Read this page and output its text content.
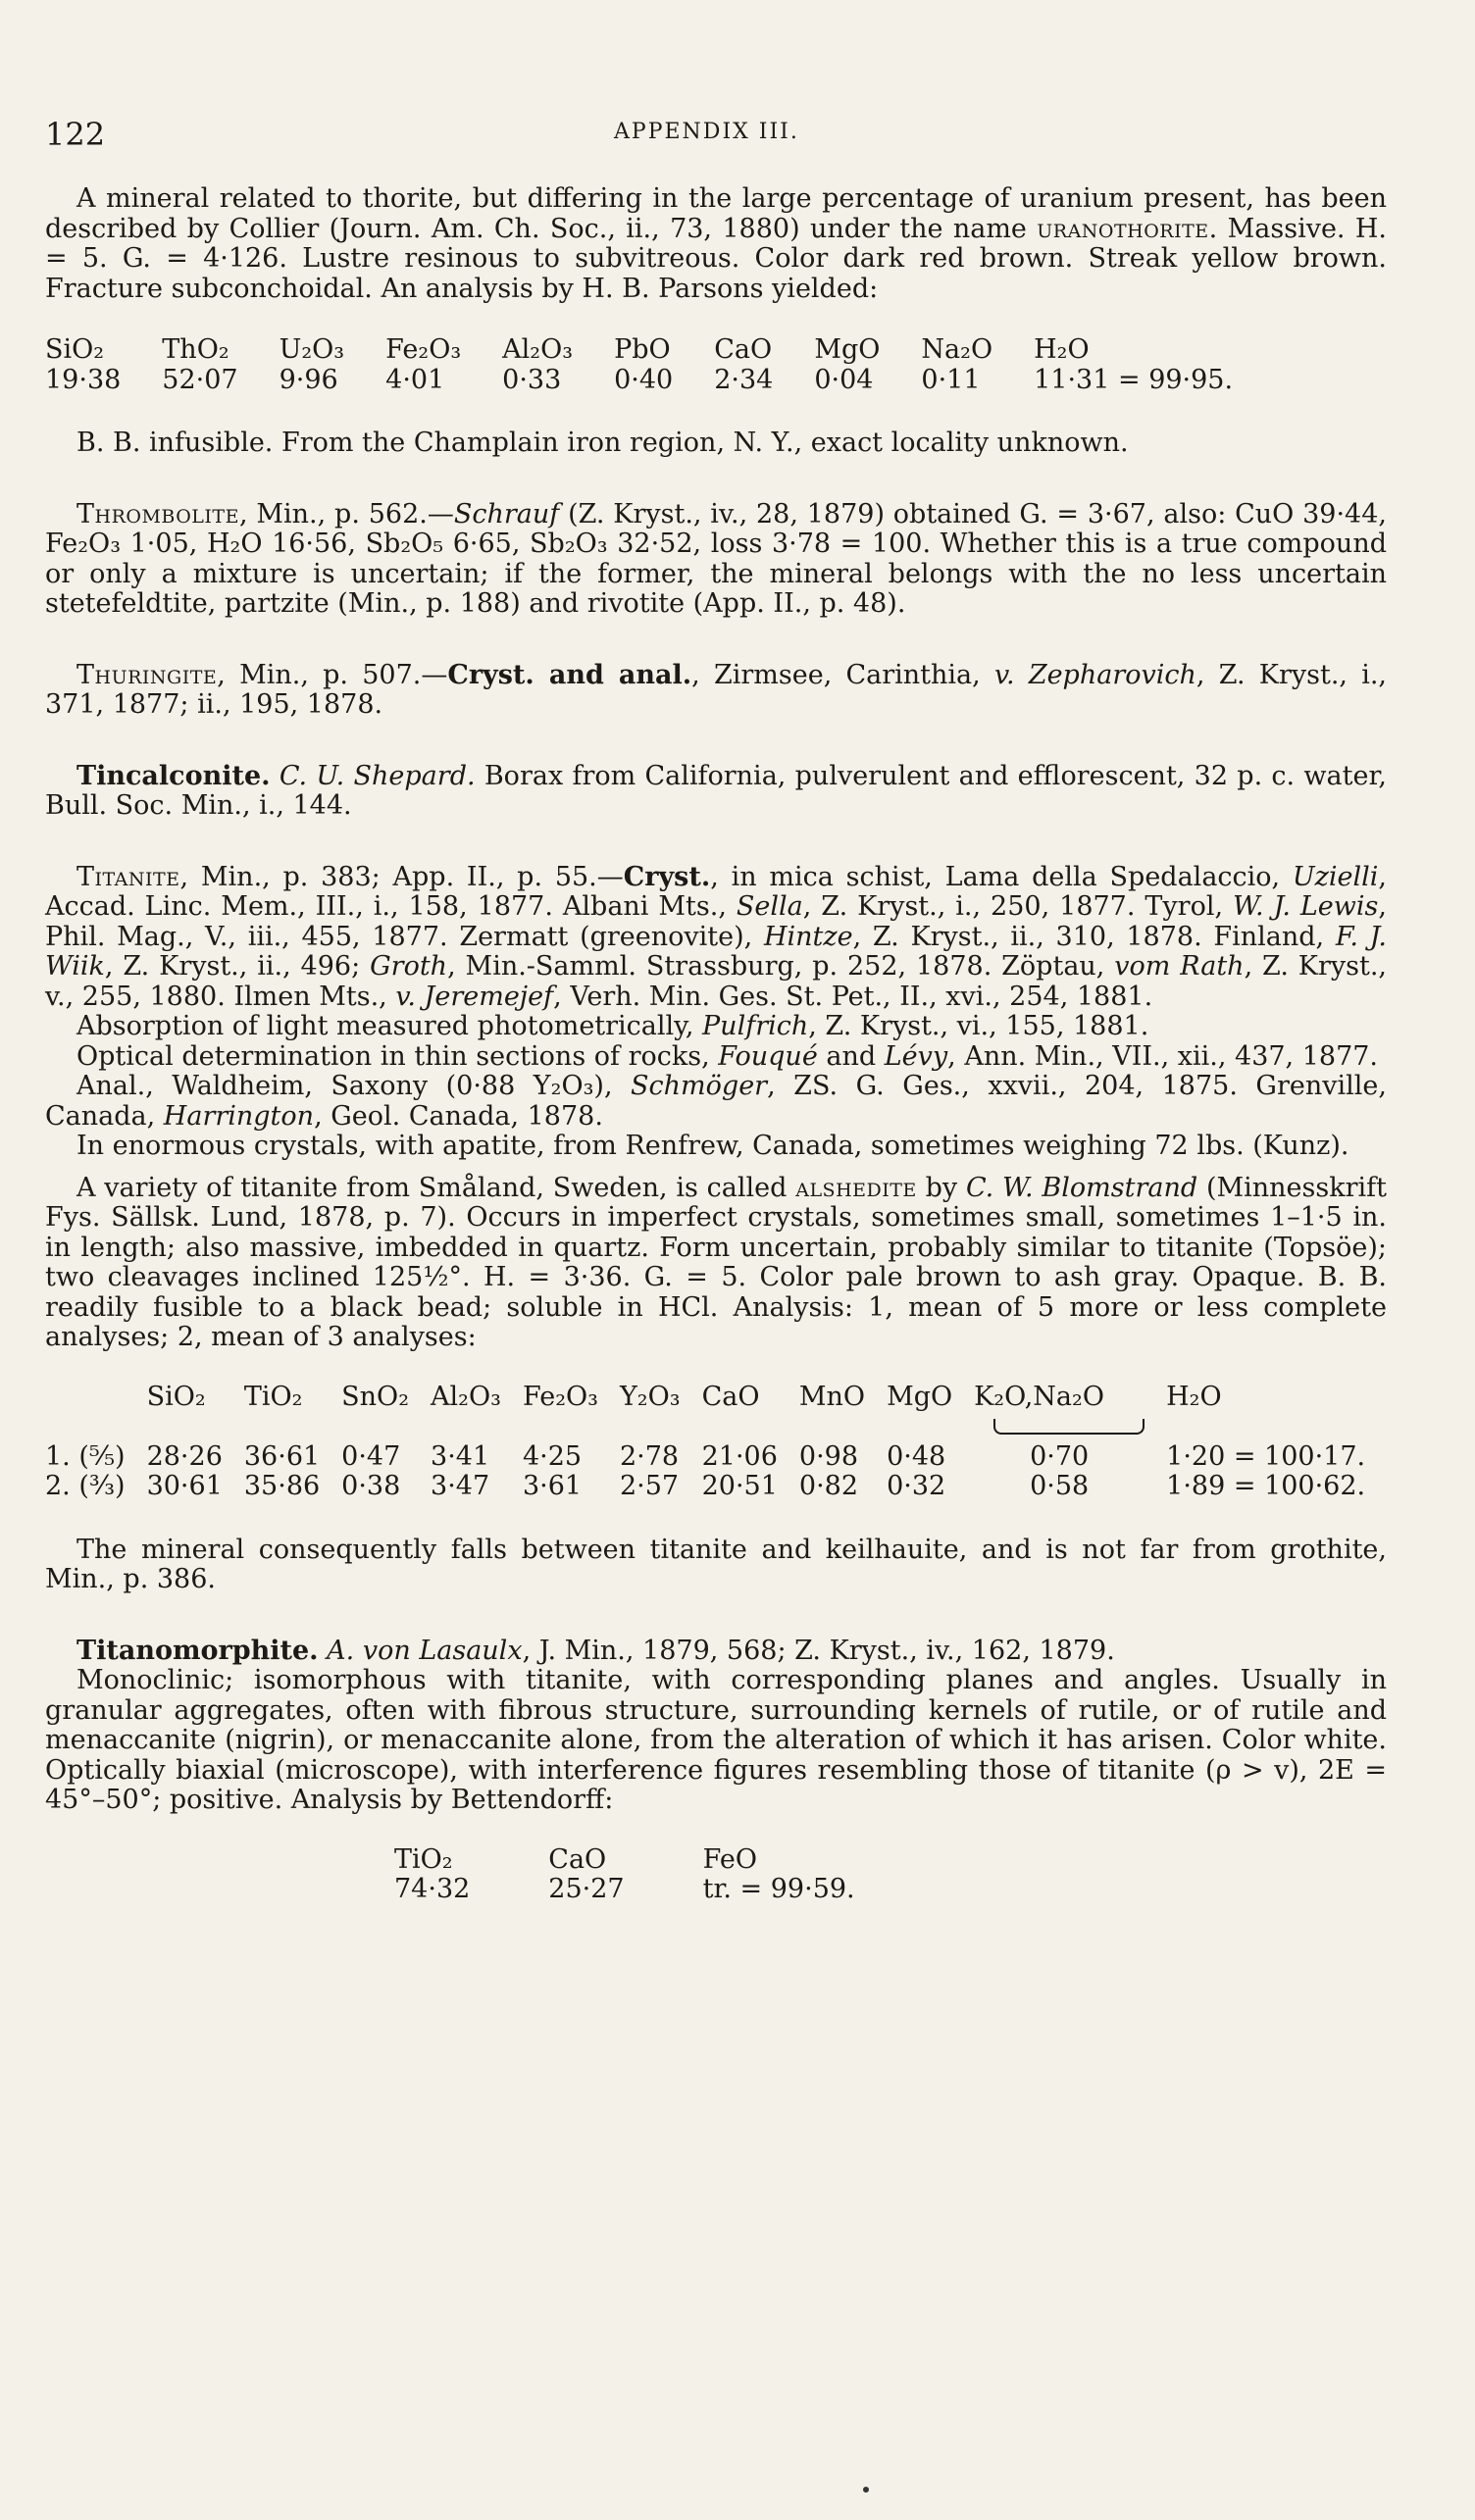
122	APPENDIX III.

A mineral related to thorite, but differing in the large percentage of uranium present, has been described by Collier (Journ. Am. Ch. Soc., ii., 73, 1880) under the name uranothorite. Massive. H. = 5. G. = 4·126. Lustre resinous to subvitreous. Color dark red brown. Streak yellow brown. Fracture subconchoidal. An analysis by H. B. Parsons yielded:

SiO₂	ThO₂	U₂O₃	Fe₂O₃	Al₂O₃	PbO	CaO	MgO	Na₂O	H₂O
19·38	52·07	9·96	4·01	0·33	0·40	2·34	0·04	0·11	11·31 = 99·95.

B. B. infusible. From the Champlain iron region, N. Y., exact locality unknown.

Thrombolite, Min., p. 562.—Schrauf (Z. Kryst., iv., 28, 1879) obtained G. = 3·67, also: CuO 39·44, Fe₂O₃ 1·05, H₂O 16·56, Sb₂O₅ 6·65, Sb₂O₃ 32·52, loss 3·78 = 100. Whether this is a true compound or only a mixture is uncertain; if the former, the mineral belongs with the no less uncertain stetefeldtite, partzite (Min., p. 188) and rivotite (App. II., p. 48).

Thuringite, Min., p. 507.—Cryst. and anal., Zirmsee, Carinthia, v. Zepharovich, Z. Kryst., i., 371, 1877; ii., 195, 1878.

Tincalconite. C. U. Shepard. Borax from California, pulverulent and efflorescent, 32 p. c. water, Bull. Soc. Min., i., 144.

Titanite, Min., p. 383; App. II., p. 55.—Cryst., in mica schist, Lama della Spedalaccio, Uzielli, Accad. Linc. Mem., III., i., 158, 1877. Albani Mts., Sella, Z. Kryst., i., 250, 1877. Tyrol, W. J. Lewis, Phil. Mag., V., iii., 455, 1877. Zermatt (greenovite), Hintze, Z. Kryst., ii., 310, 1878. Finland, F. J. Wiik, Z. Kryst., ii., 496; Groth, Min.-Samml. Strassburg, p. 252, 1878. Zöptau, vom Rath, Z. Kryst., v., 255, 1880. Ilmen Mts., v. Jeremejef, Verh. Min. Ges. St. Pet., II., xvi., 254, 1881.

Absorption of light measured photometrically, Pulfrich, Z. Kryst., vi., 155, 1881.

Optical determination in thin sections of rocks, Fouqué and Lévy, Ann. Min., VII., xii., 437, 1877.

Anal., Waldheim, Saxony (0·88 Y₂O₃), Schmöger, ZS. G. Ges., xxvii., 204, 1875. Grenville, Canada, Harrington, Geol. Canada, 1878.

In enormous crystals, with apatite, from Renfrew, Canada, sometimes weighing 72 lbs. (Kunz).

A variety of titanite from Småland, Sweden, is called alshedite by C. W. Blomstrand (Minnesskrift Fys. Sällsk. Lund, 1878, p. 7). Occurs in imperfect crystals, sometimes small, sometimes 1–1·5 in. in length; also massive, imbedded in quartz. Form uncertain, probably similar to titanite (Topsöe); two cleavages inclined 125½°. H. = 3·36. G. = 5. Color pale brown to ash gray. Opaque. B. B. readily fusible to a black bead; soluble in HCl. Analysis: 1, mean of 5 more or less complete analyses; 2, mean of 3 analyses:

	SiO₂	TiO₂	SnO₂	Al₂O₃	Fe₂O₃	Y₂O₃	CaO	MnO	MgO	K₂O,Na₂O	H₂O

1. (⁵⁄₅)	28·26	36·61	0·47	3·41	4·25	2·78	21·06	0·98	0·48	0·70	1·20 = 100·17.
2. (³⁄₃)	30·61	35·86	0·38	3·47	3·61	2·57	20·51	0·82	0·32	0·58	1·89 = 100·62.

The mineral consequently falls between titanite and keilhauite, and is not far from grothite, Min., p. 386.

Titanomorphite. A. von Lasaulx, J. Min., 1879, 568; Z. Kryst., iv., 162, 1879.

Monoclinic; isomorphous with titanite, with corresponding planes and angles. Usually in granular aggregates, often with fibrous structure, surrounding kernels of rutile, or of rutile and menaccanite (nigrin), or menaccanite alone, from the alteration of which it has arisen. Color white. Optically biaxial (microscope), with interference figures resembling those of titanite (ρ > v), 2E = 45°–50°; positive. Analysis by Bettendorff:

TiO₂	CaO	FeO
74·32	25·27	tr. = 99·59.
